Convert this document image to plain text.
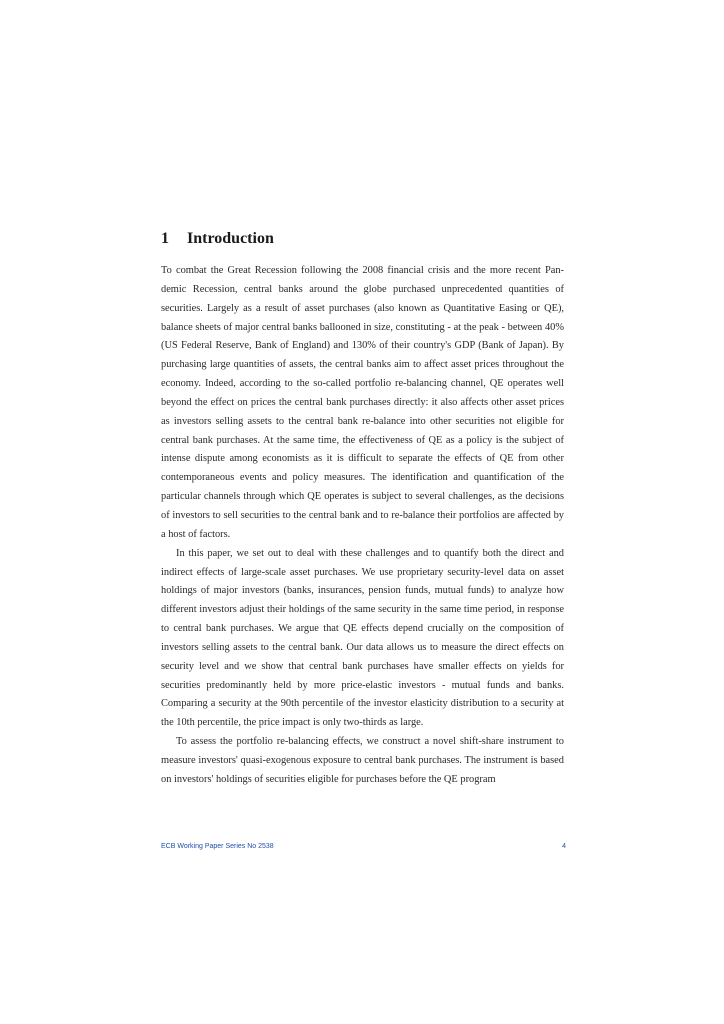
1 Introduction

To combat the Great Recession following the 2008 financial crisis and the more recent Pandemic Recession, central banks around the globe purchased unprecedented quantities of securities. Largely as a result of asset purchases (also known as Quantitative Easing or QE), balance sheets of major central banks ballooned in size, constituting - at the peak - between 40% (US Federal Reserve, Bank of England) and 130% of their country's GDP (Bank of Japan). By purchasing large quantities of assets, the central banks aim to affect asset prices throughout the economy. Indeed, according to the so-called portfolio re-balancing channel, QE operates well beyond the effect on prices the central bank purchases directly: it also affects other asset prices as investors selling assets to the central bank re-balance into other securities not eligible for central bank purchases. At the same time, the effectiveness of QE as a policy is the subject of intense dispute among economists as it is difficult to separate the effects of QE from other contemporaneous events and policy measures. The identification and quantification of the particular channels through which QE operates is subject to several challenges, as the decisions of investors to sell securities to the central bank and to re-balance their portfolios are affected by a host of factors.

In this paper, we set out to deal with these challenges and to quantify both the direct and indirect effects of large-scale asset purchases. We use proprietary security-level data on asset holdings of major investors (banks, insurances, pension funds, mutual funds) to analyze how different investors adjust their holdings of the same security in the same time period, in response to central bank purchases. We argue that QE effects depend crucially on the composition of investors selling assets to the central bank. Our data allows us to measure the direct effects on security level and we show that central bank purchases have smaller effects on yields for securities predominantly held by more price-elastic investors - mutual funds and banks. Comparing a security at the 90th percentile of the investor elasticity distribution to a security at the 10th percentile, the price impact is only two-thirds as large.

To assess the portfolio re-balancing effects, we construct a novel shift-share instrument to measure investors' quasi-exogenous exposure to central bank purchases. The instrument is based on investors' holdings of securities eligible for purchases before the QE program

ECB Working Paper Series No 2538	4
